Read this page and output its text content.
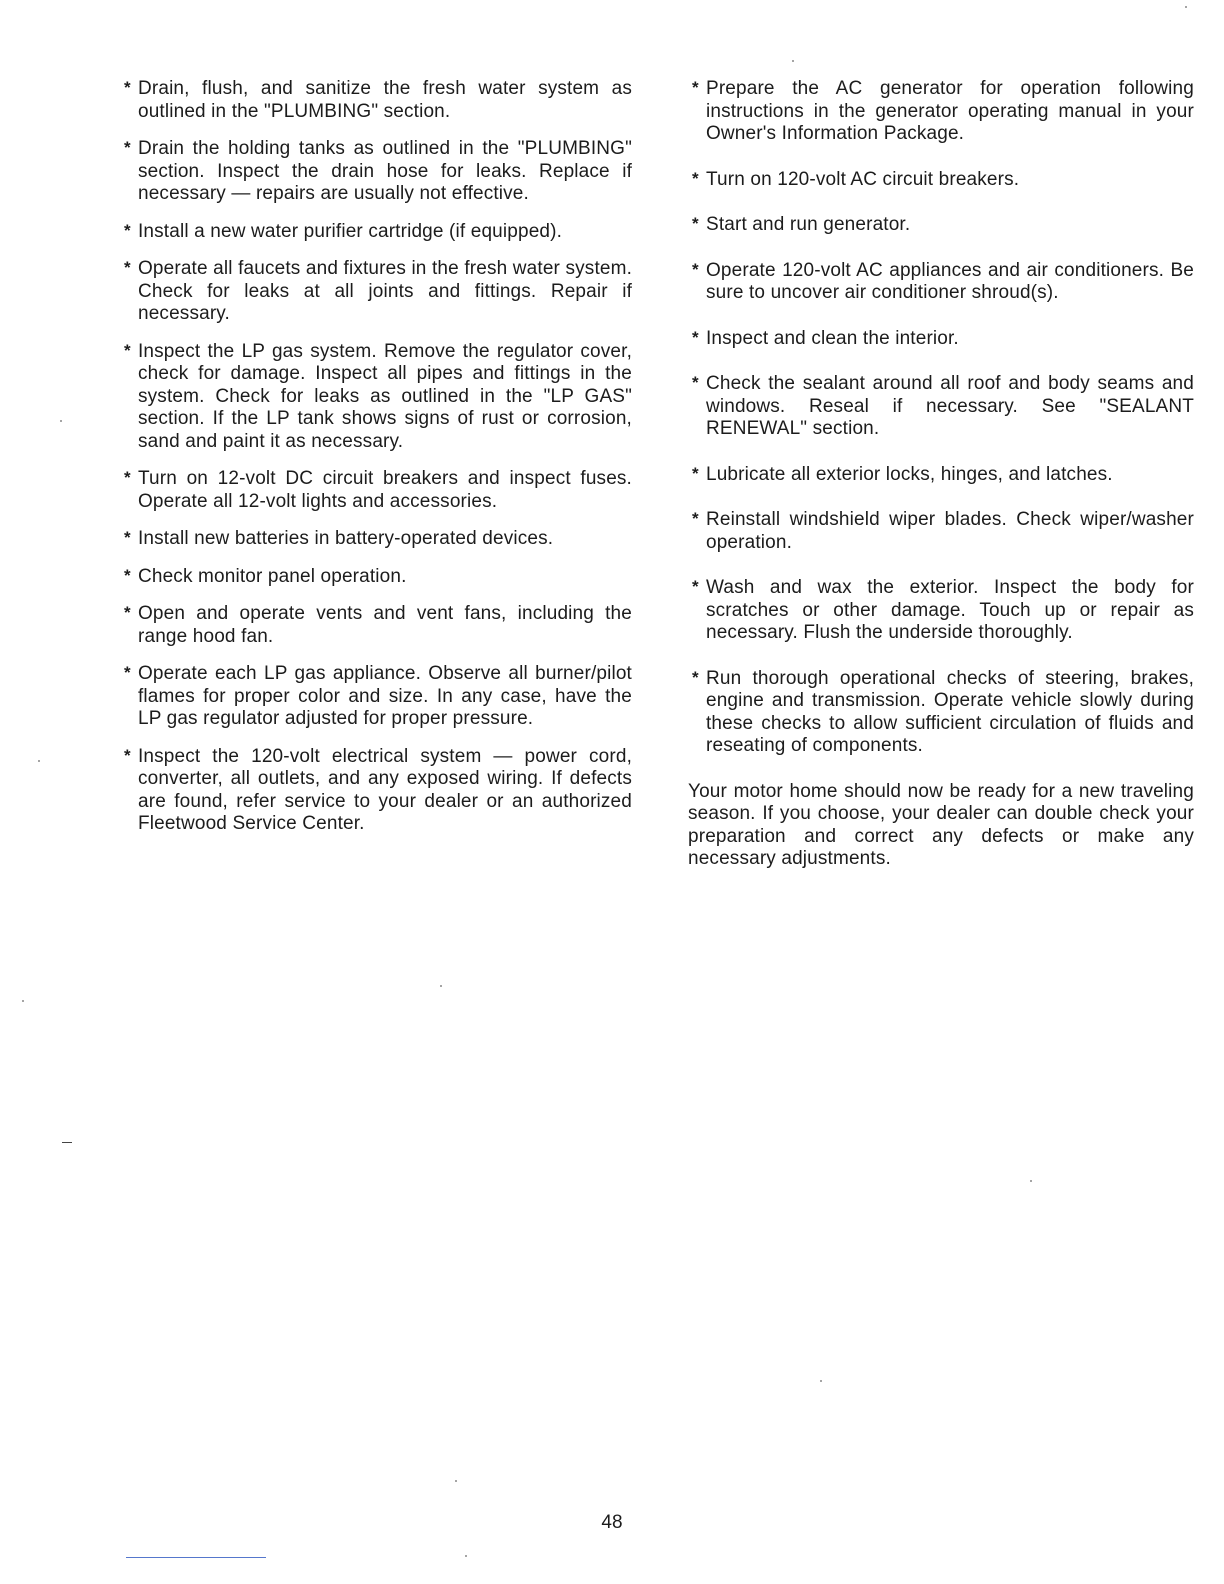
* Drain, flush, and sanitize the fresh water system as outlined in the "PLUMBING" section.
* Drain the holding tanks as outlined in the "PLUMBING" section. Inspect the drain hose for leaks. Replace if necessary — repairs are usually not effective.
* Install a new water purifier cartridge (if equipped).
* Operate all faucets and fixtures in the fresh water system. Check for leaks at all joints and fittings. Repair if necessary.
* Inspect the LP gas system. Remove the regulator cover, check for damage. Inspect all pipes and fittings in the system. Check for leaks as outlined in the "LP GAS" section. If the LP tank shows signs of rust or corrosion, sand and paint it as necessary.
* Turn on 12-volt DC circuit breakers and inspect fuses. Operate all 12-volt lights and accessories.
* Install new batteries in battery-operated devices.
* Check monitor panel operation.
* Open and operate vents and vent fans, including the range hood fan.
* Operate each LP gas appliance. Observe all burner/pilot flames for proper color and size. In any case, have the LP gas regulator adjusted for proper pressure.
* Inspect the 120-volt electrical system — power cord, converter, all outlets, and any exposed wiring. If defects are found, refer service to your dealer or an authorized Fleetwood Service Center.
* Prepare the AC generator for operation following instructions in the generator operating manual in your Owner's Information Package.
* Turn on 120-volt AC circuit breakers.
* Start and run generator.
* Operate 120-volt AC appliances and air conditioners. Be sure to uncover air conditioner shroud(s).
* Inspect and clean the interior.
* Check the sealant around all roof and body seams and windows. Reseal if necessary. See "SEALANT RENEWAL" section.
* Lubricate all exterior locks, hinges, and latches.
* Reinstall windshield wiper blades. Check wiper/washer operation.
* Wash and wax the exterior. Inspect the body for scratches or other damage. Touch up or repair as necessary. Flush the underside thoroughly.
* Run thorough operational checks of steering, brakes, engine and transmission. Operate vehicle slowly during these checks to allow sufficient circulation of fluids and reseating of components.

Your motor home should now be ready for a new traveling season. If you choose, your dealer can double check your preparation and correct any defects or make any necessary adjustments.

48
